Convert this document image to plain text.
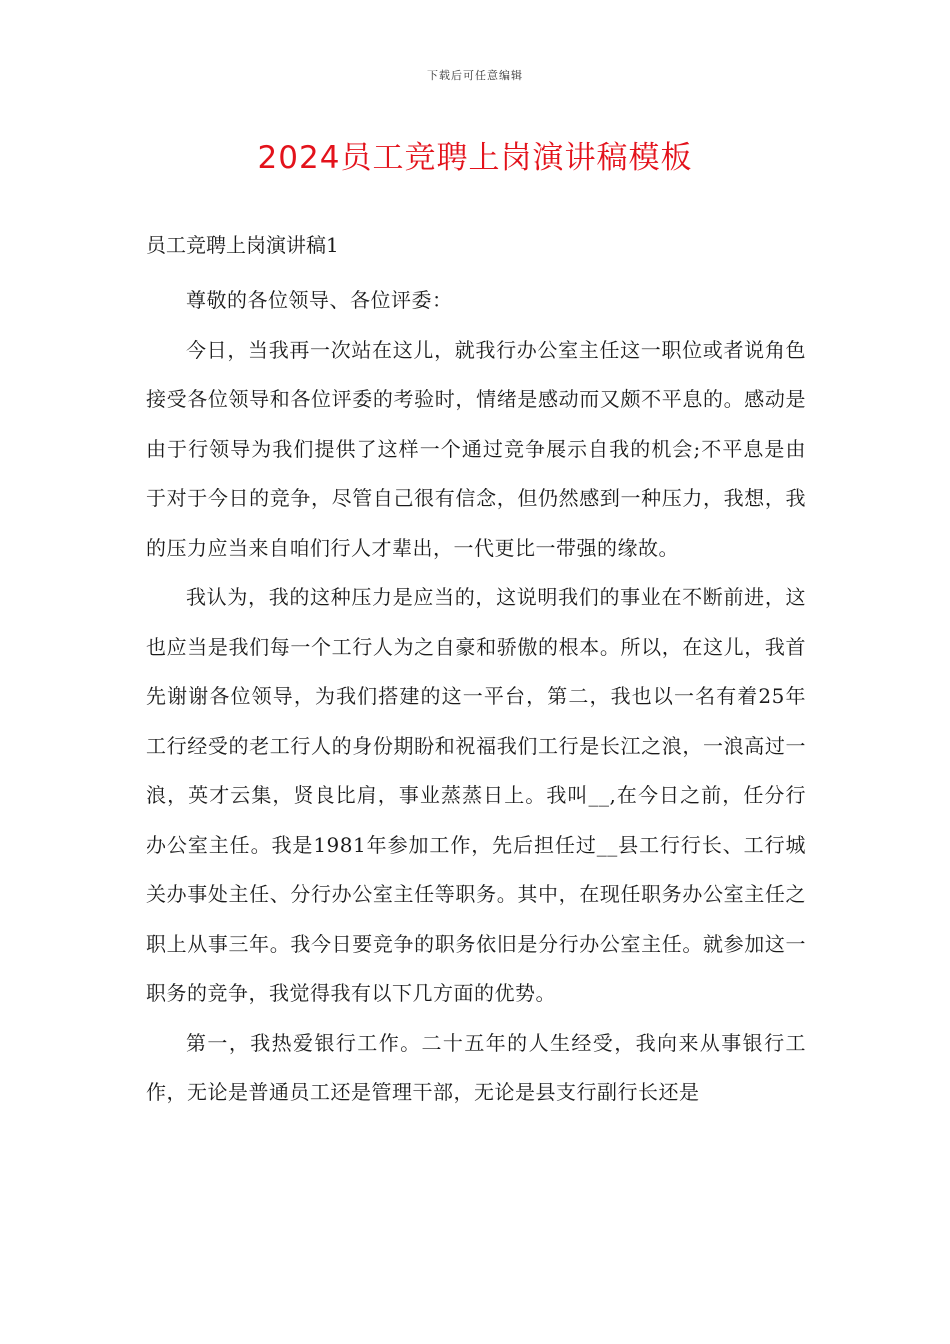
下载后可任意编辑
2024员工竞聘上岗演讲稿模板

员工竞聘上岗演讲稿1

尊敬的各位领导、各位评委：

今日，当我再一次站在这儿，就我行办公室主任这一职位或者说角色接受各位领导和各位评委的考验时，情绪是感动而又颇不平息的。感动是由于行领导为我们提供了这样一个通过竞争展示自我的机会;不平息是由于对于今日的竞争，尽管自己很有信念，但仍然感到一种压力，我想，我的压力应当来自咱们行人才辈出，一代更比一带强的缘故。

我认为，我的这种压力是应当的，这说明我们的事业在不断前进，这也应当是我们每一个工行人为之自豪和骄傲的根本。所以，在这儿，我首先谢谢各位领导，为我们搭建的这一平台，第二，我也以一名有着25年工行经受的老工行人的身份期盼和祝福我们工行是长江之浪，一浪高过一浪，英才云集，贤良比肩，事业蒸蒸日上。我叫__,在今日之前，任分行办公室主任。我是1981年参加工作，先后担任过__县工行行长、工行城关办事处主任、分行办公室主任等职务。其中，在现任职务办公室主任之职上从事三年。我今日要竞争的职务依旧是分行办公室主任。就参加这一职务的竞争，我觉得我有以下几方面的优势。

第一，我热爱银行工作。二十五年的人生经受，我向来从事银行工作，无论是普通员工还是管理干部，无论是县支行副行长还是
